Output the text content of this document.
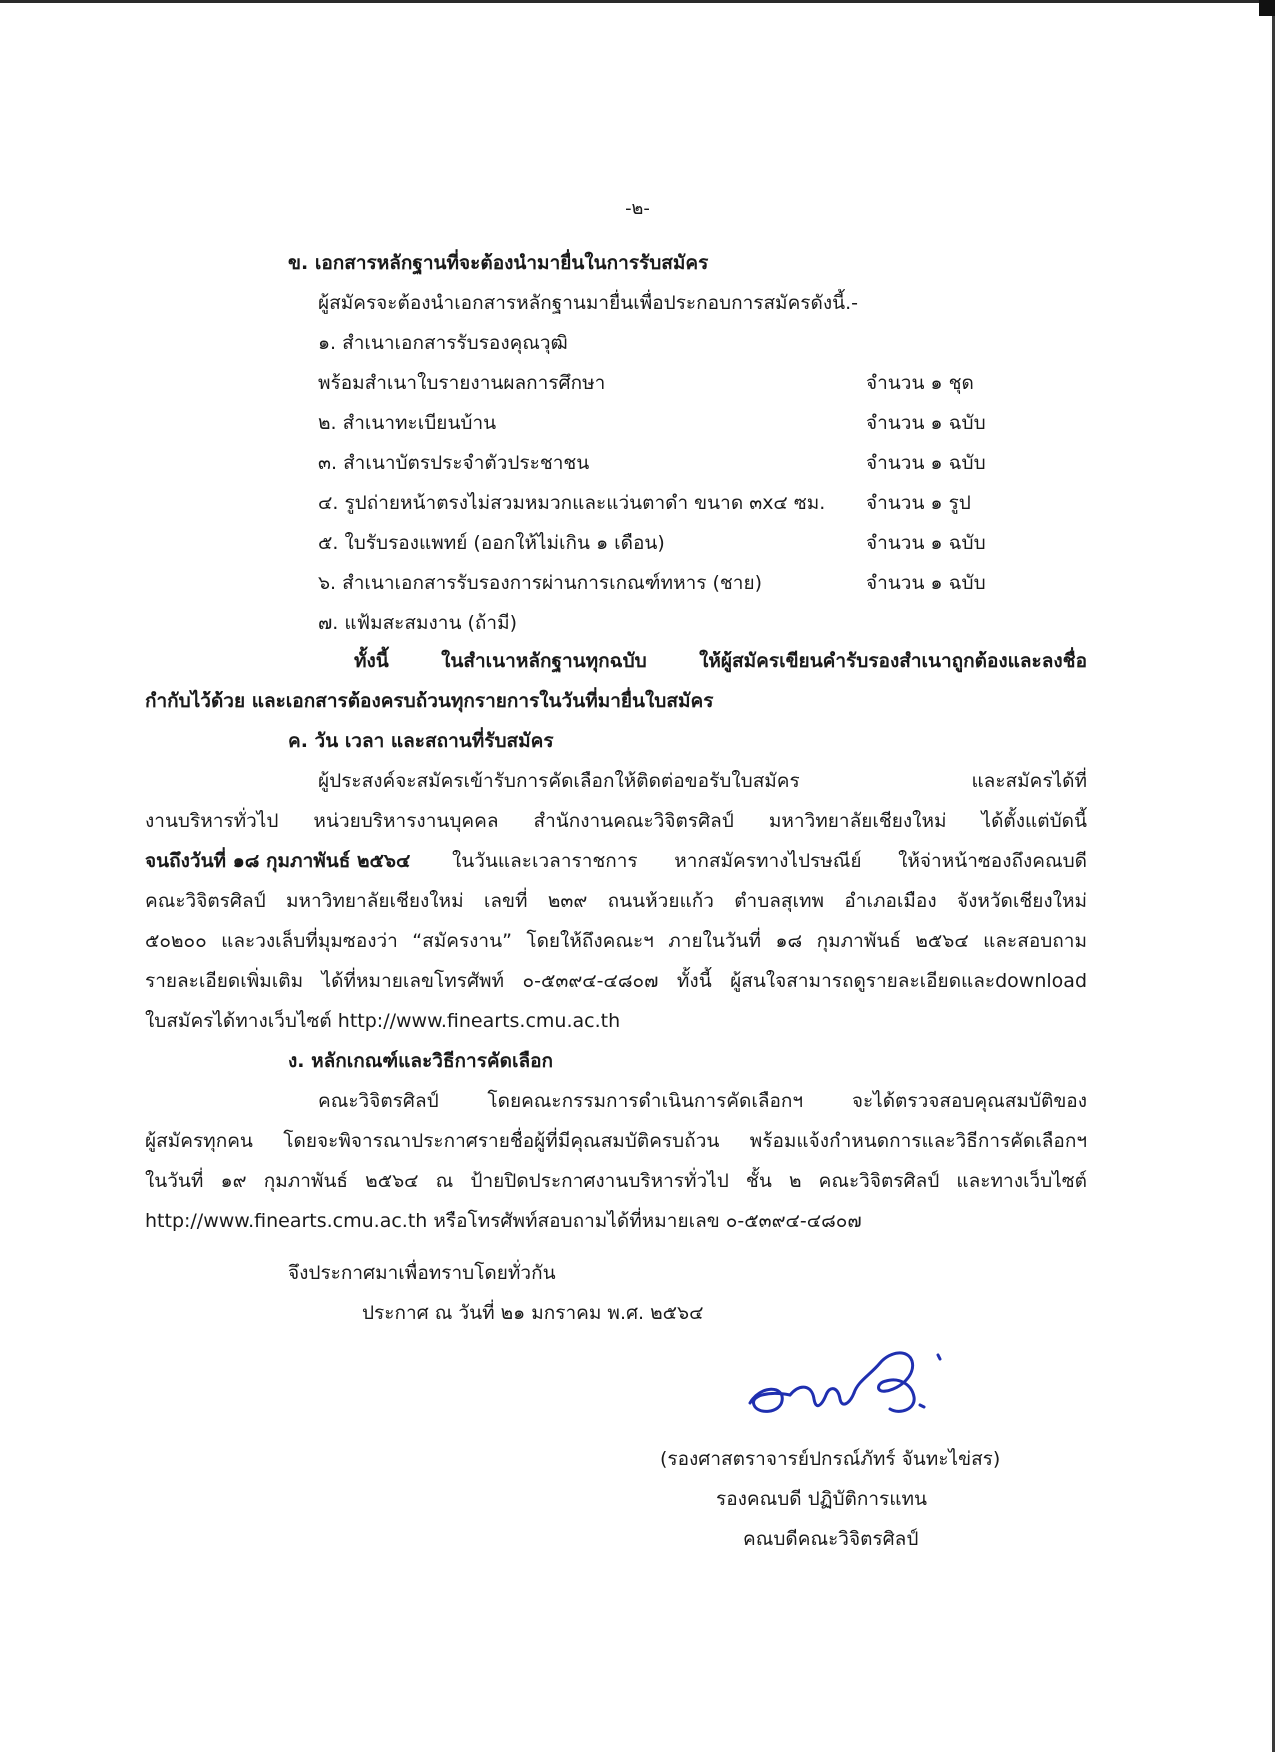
-๒-
ข. เอกสารหลักฐานที่จะต้องนำมายื่นในการรับสมัคร
ผู้สมัครจะต้องนำเอกสารหลักฐานมายื่นเพื่อประกอบการสมัครดังนี้.-
๑. สำเนาเอกสารรับรองคุณวุฒิ
พร้อมสำเนาใบรายงานผลการศึกษา	จำนวน ๑ ชุด
๒. สำเนาทะเบียนบ้าน	จำนวน ๑ ฉบับ
๓. สำเนาบัตรประจำตัวประชาชน	จำนวน ๑ ฉบับ
๔. รูปถ่ายหน้าตรงไม่สวมหมวกและแว่นตาดำ ขนาด ๓x๔ ซม. จำนวน ๑ รูป
๕. ใบรับรองแพทย์ (ออกให้ไม่เกิน ๑ เดือน)	จำนวน ๑ ฉบับ
๖. สำเนาเอกสารรับรองการผ่านการเกณฑ์ทหาร (ชาย)	จำนวน ๑ ฉบับ
๗. แฟ้มสะสมงาน (ถ้ามี)
ทั้งนี้ ในสำเนาหลักฐานทุกฉบับ ให้ผู้สมัครเขียนคำรับรองสำเนาถูกต้องและลงชื่อ
กำกับไว้ด้วย และเอกสารต้องครบถ้วนทุกรายการในวันที่มายื่นใบสมัคร
ค. วัน เวลา และสถานที่รับสมัคร
ผู้ประสงค์จะสมัครเข้ารับการคัดเลือกให้ติดต่อขอรับใบสมัคร และสมัครได้ที่
งานบริหารทั่วไป หน่วยบริหารงานบุคคล สำนักงานคณะวิจิตรศิลป์ มหาวิทยาลัยเชียงใหม่ ได้ตั้งแต่บัดนี้
จนถึงวันที่ ๑๘ กุมภาพันธ์ ๒๕๖๔ ในวันและเวลาราชการ หากสมัครทางไปรษณีย์ ให้จ่าหน้าซองถึงคณบดี
คณะวิจิตรศิลป์ มหาวิทยาลัยเชียงใหม่ เลขที่ ๒๓๙ ถนนห้วยแก้ว ตำบลสุเทพ อำเภอเมือง จังหวัดเชียงใหม่
๕๐๒๐๐ และวงเล็บที่มุมซองว่า “สมัครงาน” โดยให้ถึงคณะฯ ภายในวันที่ ๑๘ กุมภาพันธ์ ๒๕๖๔ และสอบถาม
รายละเอียดเพิ่มเติม ได้ที่หมายเลขโทรศัพท์ ๐-๕๓๙๔-๔๘๐๗ ทั้งนี้ ผู้สนใจสามารถดูรายละเอียดและdownload
ใบสมัครได้ทางเว็บไซต์ http://www.finearts.cmu.ac.th
ง. หลักเกณฑ์และวิธีการคัดเลือก
คณะวิจิตรศิลป์ โดยคณะกรรมการดำเนินการคัดเลือกฯ จะได้ตรวจสอบคุณสมบัติของ
ผู้สมัครทุกคน โดยจะพิจารณาประกาศรายชื่อผู้ที่มีคุณสมบัติครบถ้วน พร้อมแจ้งกำหนดการและวิธีการคัดเลือกฯ
ในวันที่ ๑๙ กุมภาพันธ์ ๒๕๖๔ ณ ป้ายปิดประกาศงานบริหารทั่วไป ชั้น ๒ คณะวิจิตรศิลป์ และทางเว็บไซต์
http://www.finearts.cmu.ac.th หรือโทรศัพท์สอบถามได้ที่หมายเลข ๐-๕๓๙๔-๔๘๐๗
จึงประกาศมาเพื่อทราบโดยทั่วกัน
ประกาศ ณ วันที่ ๒๑ มกราคม พ.ศ. ๒๕๖๔
(รองศาสตราจารย์ปกรณ์ภัทร์ จันทะไข่สร)
รองคณบดี ปฏิบัติการแทน
คณบดีคณะวิจิตรศิลป์
